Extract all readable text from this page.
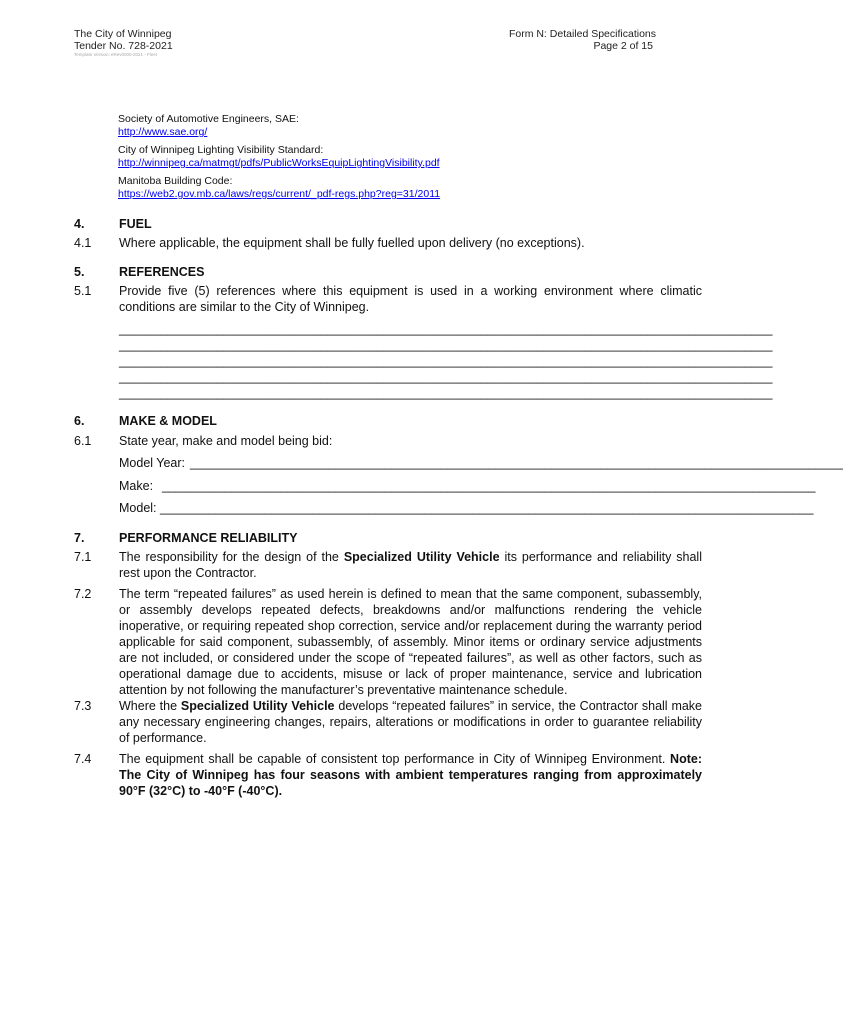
The City of Winnipeg
Tender No. 728-2021
Template Version: eRev0000-2021 - Fleet
Form N: Detailed Specifications
Page 2 of 15
Society of Automotive Engineers, SAE:
http://www.sae.org/
City of Winnipeg Lighting Visibility Standard:
http://winnipeg.ca/matmgt/pdfs/PublicWorksEquipLightingVisibility.pdf
Manitoba Building Code:
https://web2.gov.mb.ca/laws/regs/current/_pdf-regs.php?reg=31/2011
4.	FUEL
4.1 Where applicable, the equipment shall be fully fuelled upon delivery (no exceptions).
5.	REFERENCES
5.1 Provide five (5) references where this equipment is used in a working environment where climatic conditions are similar to the City of Winnipeg.
______________________________________________________________________________________________
______________________________________________________________________________________________
______________________________________________________________________________________________
______________________________________________________________________________________________
______________________________________________________________________________________________
6.	MAKE & MODEL
6.1 State year, make and model being bid:
Model Year: ______________________________________________________________________________________________
Make: ______________________________________________________________________________________________
Model: ______________________________________________________________________________________________
7.	PERFORMANCE RELIABILITY
7.1 The responsibility for the design of the Specialized Utility Vehicle its performance and reliability shall rest upon the Contractor.
7.2 The term “repeated failures” as used herein is defined to mean that the same component, subassembly, or assembly develops repeated defects, breakdowns and/or malfunctions rendering the vehicle inoperative, or requiring repeated shop correction, service and/or replacement during the warranty period applicable for said component, subassembly, of assembly. Minor items or ordinary service adjustments are not included, or considered under the scope of “repeated failures”, as well as other factors, such as operational damage due to accidents, misuse or lack of proper maintenance, service and lubrication attention by not following the manufacturer’s preventative maintenance schedule.
7.3 Where the Specialized Utility Vehicle develops “repeated failures” in service, the Contractor shall make any necessary engineering changes, repairs, alterations or modifications in order to guarantee reliability of performance.
7.4 The equipment shall be capable of consistent top performance in City of Winnipeg Environment. Note: The City of Winnipeg has four seasons with ambient temperatures ranging from approximately 90°F (32°C) to -40°F (-40°C).
